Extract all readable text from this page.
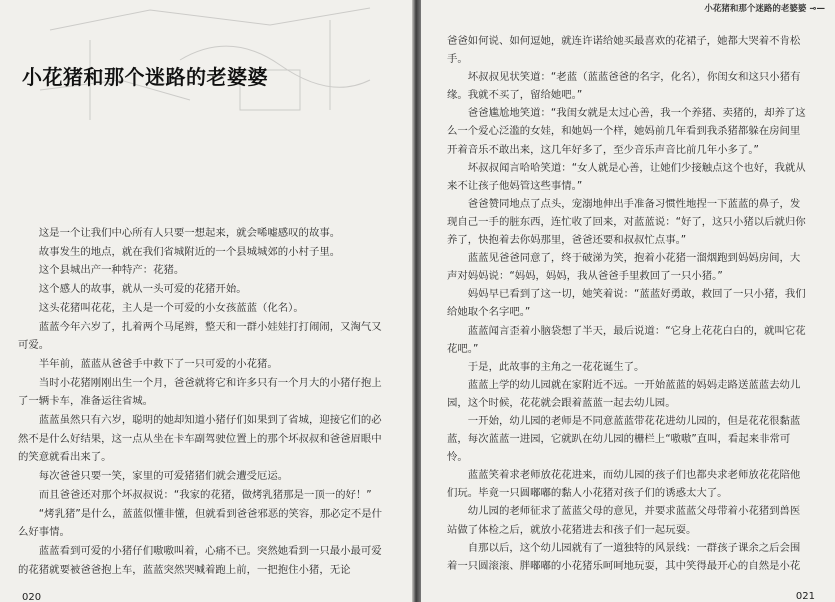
小花猪和那个迷路的老婆婆

这是一个让我们中心所有人只要一想起来，就会唏嘘感叹的故事。

故事发生的地点，就在我们省城附近的一个县城城郊的小村子里。

这个县城出产一种特产：花猪。

这个感人的故事，就从一头可爱的花猪开始。

这头花猪叫花花，主人是一个可爱的小女孩蓝蓝（化名）。

蓝蓝今年六岁了，扎着两个马尾辫，整天和一群小娃娃打打闹闹，又淘气又可爱。

半年前，蓝蓝从爸爸手中救下了一只可爱的小花猪。

当时小花猪刚刚出生一个月，爸爸就将它和许多只有一个月大的小猪仔抱上了一辆卡车，准备运往省城。

蓝蓝虽然只有六岁，聪明的她却知道小猪仔们如果到了省城，迎接它们的必然不是什么好结果，这一点从坐在卡车副驾驶位置上的那个坏叔叔和爸爸眉眼中的笑意就看出来了。

每次爸爸只要一笑，家里的可爱猪猪们就会遭受厄运。

而且爸爸还对那个坏叔叔说：“我家的花猪，做烤乳猪那是一顶一的好！”

“烤乳猪”是什么，蓝蓝似懂非懂，但就看到爸爸邪恶的笑容，那必定不是什么好事情。

蓝蓝看到可爱的小猪仔们嗷嗷叫着，心痛不已。突然她看到一只最小最可爱的花猪就要被爸爸抱上车，蓝蓝突然哭喊着跑上前，一把抱住小猪，无论

020
小花猪和那个迷路的老婆婆 ⊸—

爸爸如何说、如何逗她，就连许诺给她买最喜欢的花裙子，她都大哭着不肯松手。

坏叔叔见状笑道：“老蓝（蓝蓝爸爸的名字，化名），你闺女和这只小猪有缘。我就不买了，留给她吧。”

爸爸尴尬地笑道：“我闺女就是太过心善，我一个养猪、卖猪的，却养了这么一个爱心泛滥的女娃，和她妈一个样，她妈前几年看到我杀猪都躲在房间里开着音乐不敢出来，这几年好多了，至少音乐声音比前几年小多了。”

坏叔叔闻言哈哈笑道：“女人就是心善，让她们少接触点这个也好，我就从来不让孩子他妈管这些事情。”

爸爸赞同地点了点头，宠溺地伸出手准备习惯性地捏一下蓝蓝的鼻子，发现自己一手的脏东西，连忙收了回来，对蓝蓝说：“好了，这只小猪以后就归你养了，快抱着去你妈那里，爸爸还要和叔叔忙点事。”

蓝蓝见爸爸同意了，终于破涕为笑，抱着小花猪一溜烟跑到妈妈房间，大声对妈妈说：“妈妈，妈妈，我从爸爸手里救回了一只小猪。”

妈妈早已看到了这一切，她笑着说：“蓝蓝好勇敢，救回了一只小猪，我们给她取个名字吧。”

蓝蓝闻言歪着小脑袋想了半天，最后说道：“它身上花花白白的，就叫它花花吧。”

于是，此故事的主角之一花花诞生了。

蓝蓝上学的幼儿园就在家附近不远。一开始蓝蓝的妈妈走路送蓝蓝去幼儿园，这个时候，花花就会跟着蓝蓝一起去幼儿园。

一开始，幼儿园的老师是不同意蓝蓝带花花进幼儿园的，但是花花很黏蓝蓝，每次蓝蓝一进园，它就趴在幼儿园的栅栏上“嗷嗷”直叫，看起来非常可怜。

蓝蓝笑着求老师放花花进来，而幼儿园的孩子们也都央求老师放花花陪他们玩。毕竟一只圆嘟嘟的黏人小花猪对孩子们的诱惑太大了。

幼儿园的老师征求了蓝蓝父母的意见，并要求蓝蓝父母带着小花猪到兽医站做了体检之后，就放小花猪进去和孩子们一起玩耍。

自那以后，这个幼儿园就有了一道独特的风景线：一群孩子课余之后会围着一只圆滚滚、胖嘟嘟的小花猪乐呵呵地玩耍，其中笑得最开心的自然是小花

021
